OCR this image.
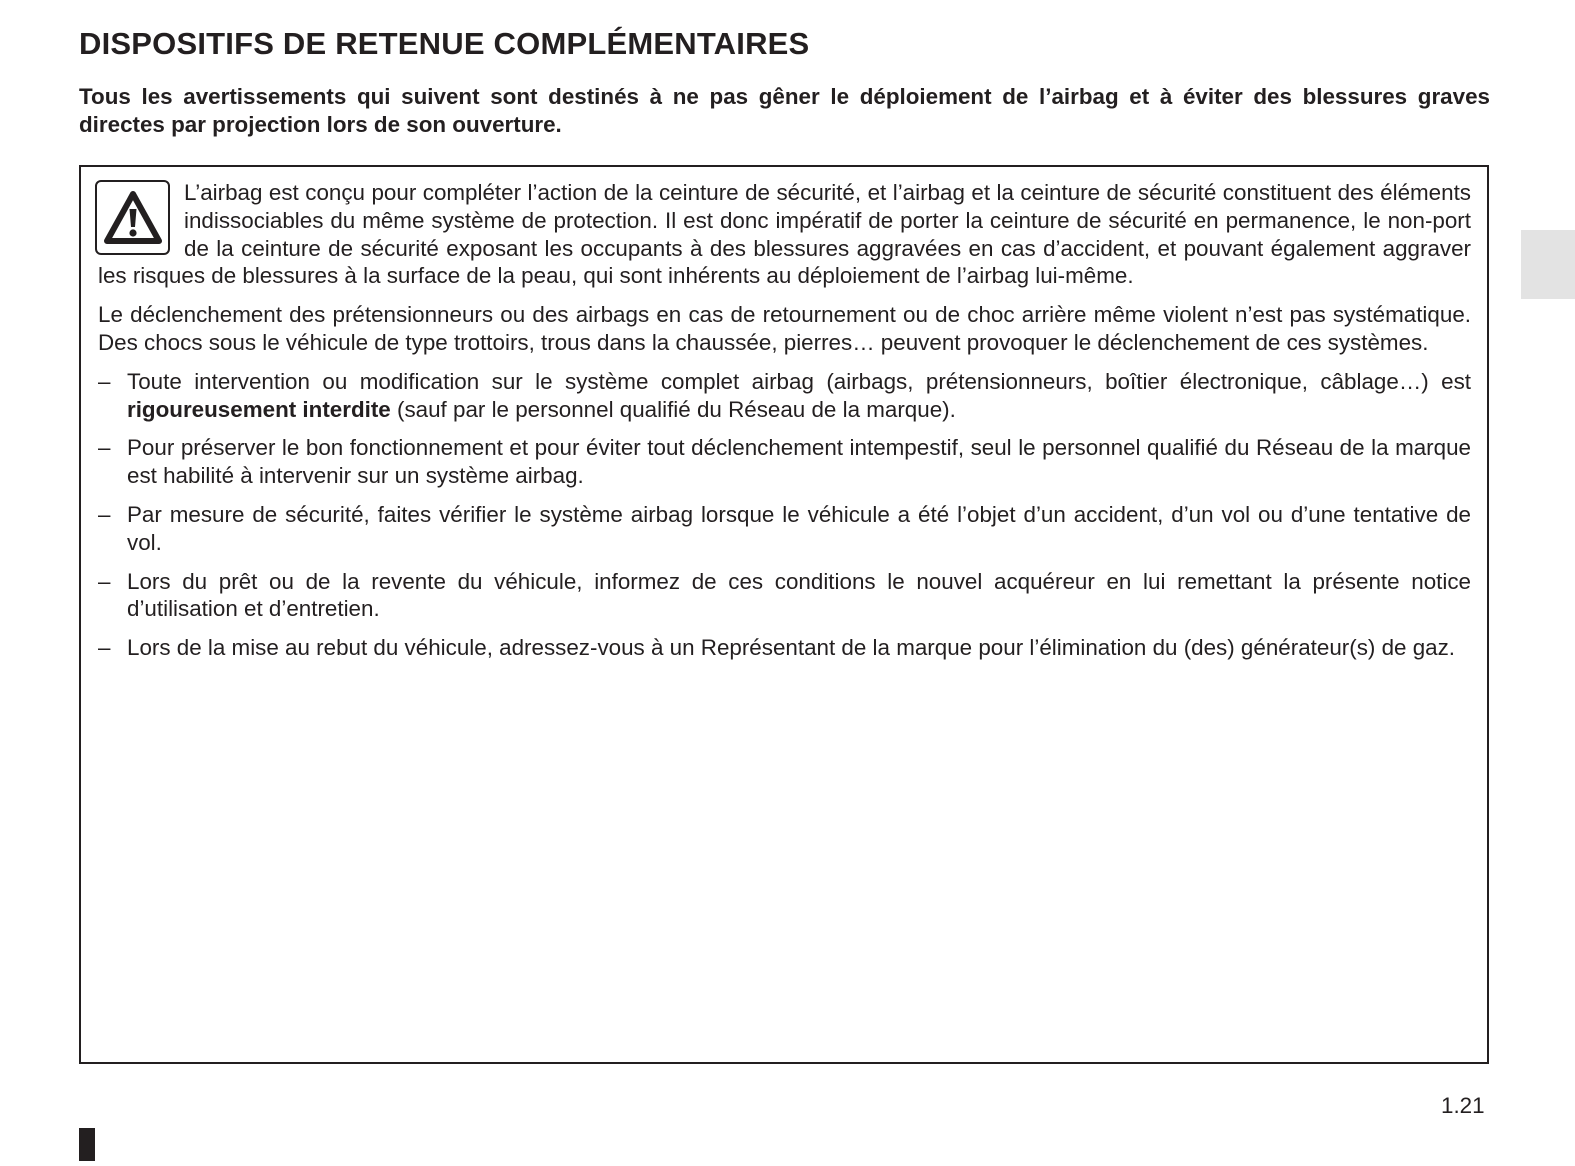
DISPOSITIFS DE RETENUE COMPLÉMENTAIRES

Tous les avertissements qui suivent sont destinés à ne pas gêner le déploiement de l’airbag et à éviter des blessures graves directes par projection lors de son ouverture.

L’airbag est conçu pour compléter l’action de la ceinture de sécurité, et l’airbag et la ceinture de sécurité constituent des éléments indissociables du même système de protection. Il est donc impératif de porter la ceinture de sécurité en permanence, le non-port de la ceinture de sécurité exposant les occupants à des blessures aggravées en cas d’accident, et pouvant également aggraver les risques de blessures à la surface de la peau, qui sont inhérents au déploiement de l’airbag lui-même.

Le déclenchement des prétensionneurs ou des airbags en cas de retournement ou de choc arrière même violent n’est pas systématique. Des chocs sous le véhicule de type trottoirs, trous dans la chaussée, pierres… peuvent provoquer le déclenchement de ces systèmes.

– Toute intervention ou modification sur le système complet airbag (airbags, prétensionneurs, boîtier électronique, câblage…) est rigoureusement interdite (sauf par le personnel qualifié du Réseau de la marque).
– Pour préserver le bon fonctionnement et pour éviter tout déclenchement intempestif, seul le personnel qualifié du Réseau de la marque est habilité à intervenir sur un système airbag.
– Par mesure de sécurité, faites vérifier le système airbag lorsque le véhicule a été l’objet d’un accident, d’un vol ou d’une tentative de vol.
– Lors du prêt ou de la revente du véhicule, informez de ces conditions le nouvel acquéreur en lui remettant la présente notice d’utilisation et d’entretien.
– Lors de la mise au rebut du véhicule, adressez-vous à un Représentant de la marque pour l’élimination du (des) générateur(s) de gaz.
1.21
